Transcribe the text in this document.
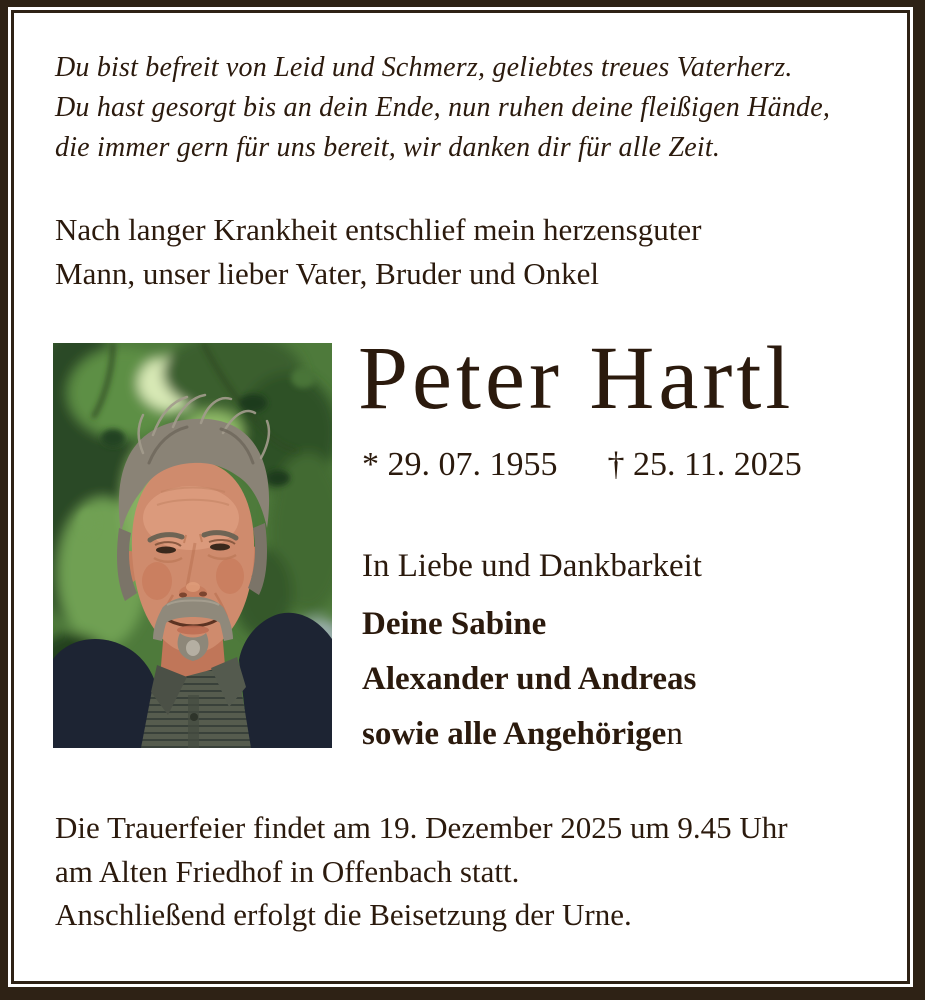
Du bist befreit von Leid und Schmerz, geliebtes treues Vaterherz.
Du hast gesorgt bis an dein Ende, nun ruhen deine fleißigen Hände,
die immer gern für uns bereit, wir danken dir für alle Zeit.
Nach langer Krankheit entschlief mein herzensguter
Mann, unser lieber Vater, Bruder und Onkel
Peter Hartl
* 29. 07. 1955 † 25. 11. 2025
In Liebe und Dankbarkeit
Deine Sabine
Alexander und Andreas
sowie alle Angehörigen
Die Trauerfeier findet am 19. Dezember 2025 um 9.45 Uhr
am Alten Friedhof in Offenbach statt.
Anschließend erfolgt die Beisetzung der Urne.
